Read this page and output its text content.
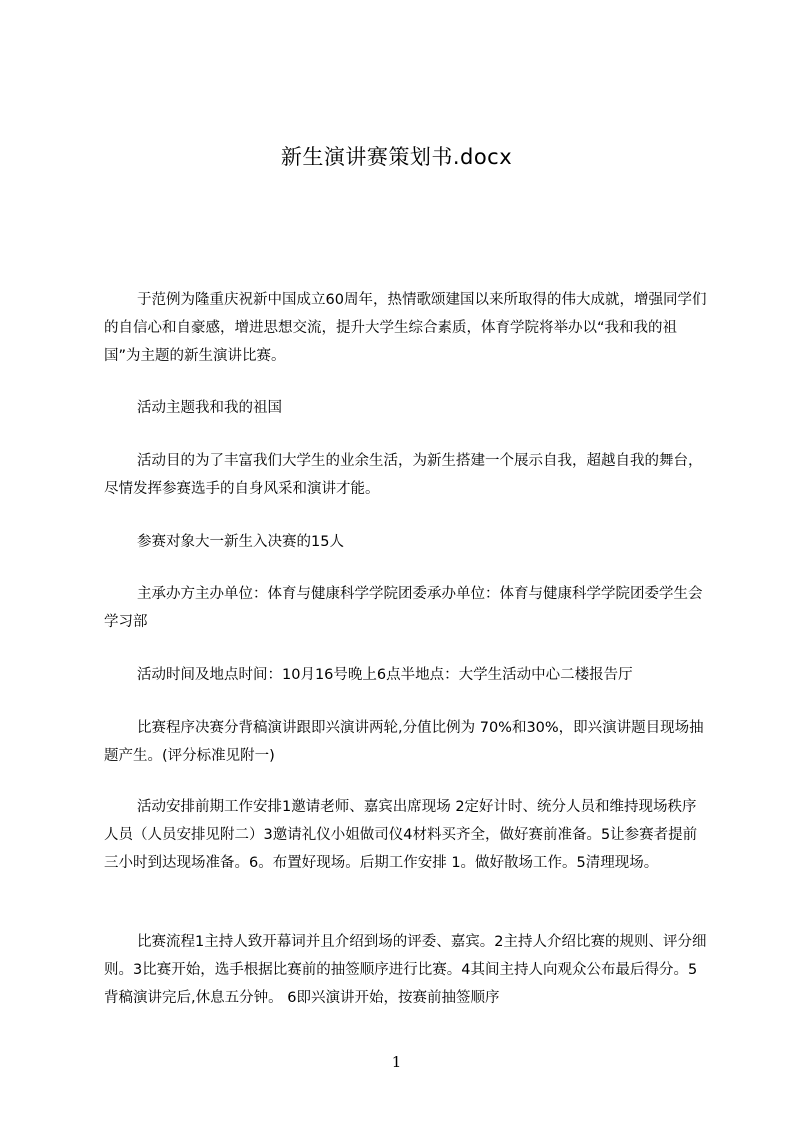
新生演讲赛策划书.docx

于范例为隆重庆祝新中国成立60周年，热情歌颂建国以来所取得的伟大成就，增强同学们的自信心和自豪感，增进思想交流，提升大学生综合素质，体育学院将举办以“我和我的祖国”为主题的新生演讲比赛。

活动主题我和我的祖国

活动目的为了丰富我们大学生的业余生活，为新生搭建一个展示自我，超越自我的舞台，尽情发挥参赛选手的自身风采和演讲才能。

参赛对象大一新生入决赛的15人

主承办方主办单位：体育与健康科学学院团委承办单位：体育与健康科学学院团委学生会学习部

活动时间及地点时间：10月16号晚上6点半地点：大学生活动中心二楼报告厅

比赛程序决赛分背稿演讲跟即兴演讲两轮,分值比例为 70%和30%，即兴演讲题目现场抽题产生。(评分标准见附一)

活动安排前期工作安排1邀请老师、嘉宾出席现场 2定好计时、统分人员和维持现场秩序人员（人员安排见附二）3邀请礼仪小姐做司仪4材料买齐全，做好赛前准备。5让参赛者提前三小时到达现场准备。6。布置好现场。后期工作安排 1。做好散场工作。5清理现场。

比赛流程1主持人致开幕词并且介绍到场的评委、嘉宾。2主持人介绍比赛的规则、评分细则。3比赛开始，选手根据比赛前的抽签顺序进行比赛。4其间主持人向观众公布最后得分。5背稿演讲完后,休息五分钟。 6即兴演讲开始，按赛前抽签顺序

1
